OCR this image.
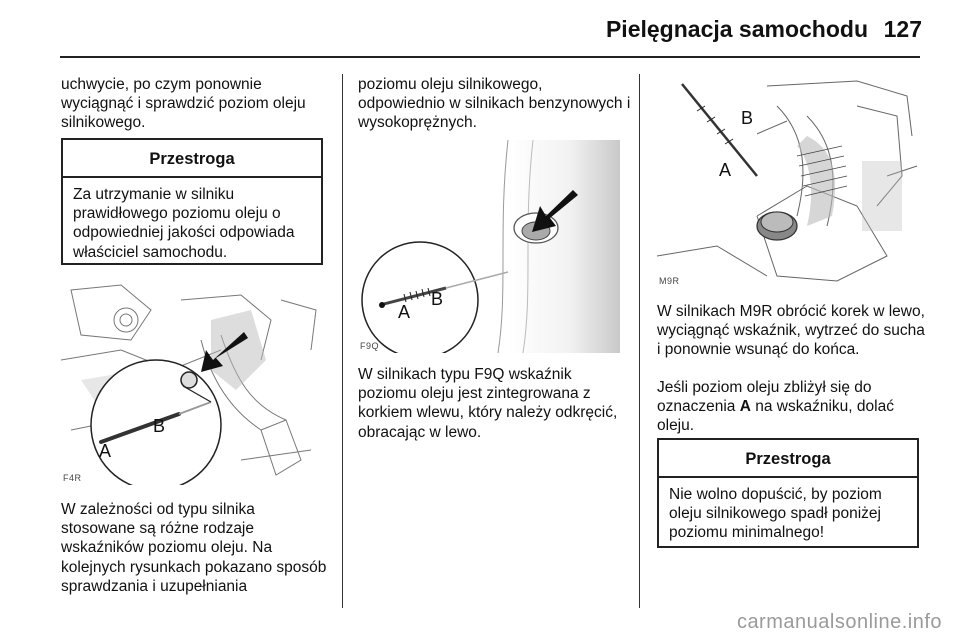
Pielęgnacja samochodu 127
uchwycie, po czym ponownie wyciągnąć i sprawdzić poziom oleju silnikowego.
Przestroga
Za utrzymanie w silniku prawidłowego poziomu oleju o odpowiedniej jakości odpowiada właściciel samochodu.
A
B
F4R
W zależności od typu silnika stosowane są różne rodzaje wskaźników poziomu oleju. Na kolejnych rysunkach pokazano sposób sprawdzania i uzupełniania
poziomu oleju silnikowego, odpowiednio w silnikach benzynowych i wysokoprężnych.
A
B
F9Q
W silnikach typu F9Q wskaźnik poziomu oleju jest zintegrowana z korkiem wlewu, który należy odkręcić, obracając w lewo.
B
A
M9R
W silnikach M9R obrócić korek w lewo, wyciągnąć wskaźnik, wytrzeć do sucha i ponownie wsunąć do końca.
Jeśli poziom oleju zbliżył się do oznaczenia A na wskaźniku, dolać oleju.
Przestroga
Nie wolno dopuścić, by poziom oleju silnikowego spadł poniżej poziomu minimalnego!
carmanualsonline.info
